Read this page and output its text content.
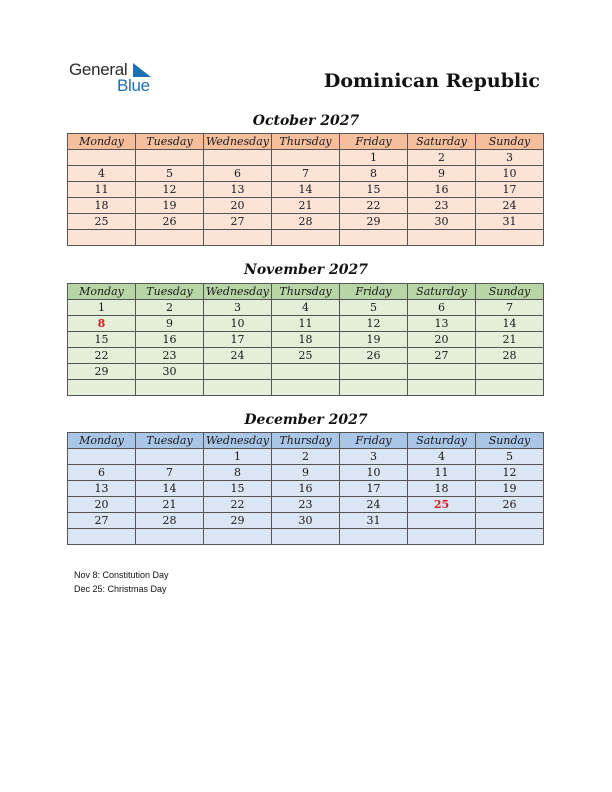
General
Blue	Dominican Republic
October 2027
Monday	Tuesday	Wednesday	Thursday	Friday	Saturday	Sunday
				1	2	3
4	5	6	7	8	9	10
11	12	13	14	15	16	17
18	19	20	21	22	23	24
25	26	27	28	29	30	31

November 2027
Monday	Tuesday	Wednesday	Thursday	Friday	Saturday	Sunday
1	2	3	4	5	6	7
8	9	10	11	12	13	14
15	16	17	18	19	20	21
22	23	24	25	26	27	28
29	30					

December 2027
Monday	Tuesday	Wednesday	Thursday	Friday	Saturday	Sunday
		1	2	3	4	5
6	7	8	9	10	11	12
13	14	15	16	17	18	19
20	21	22	23	24	25	26
27	28	29	30	31		

Nov 8: Constitution Day
Dec 25: Christmas Day
